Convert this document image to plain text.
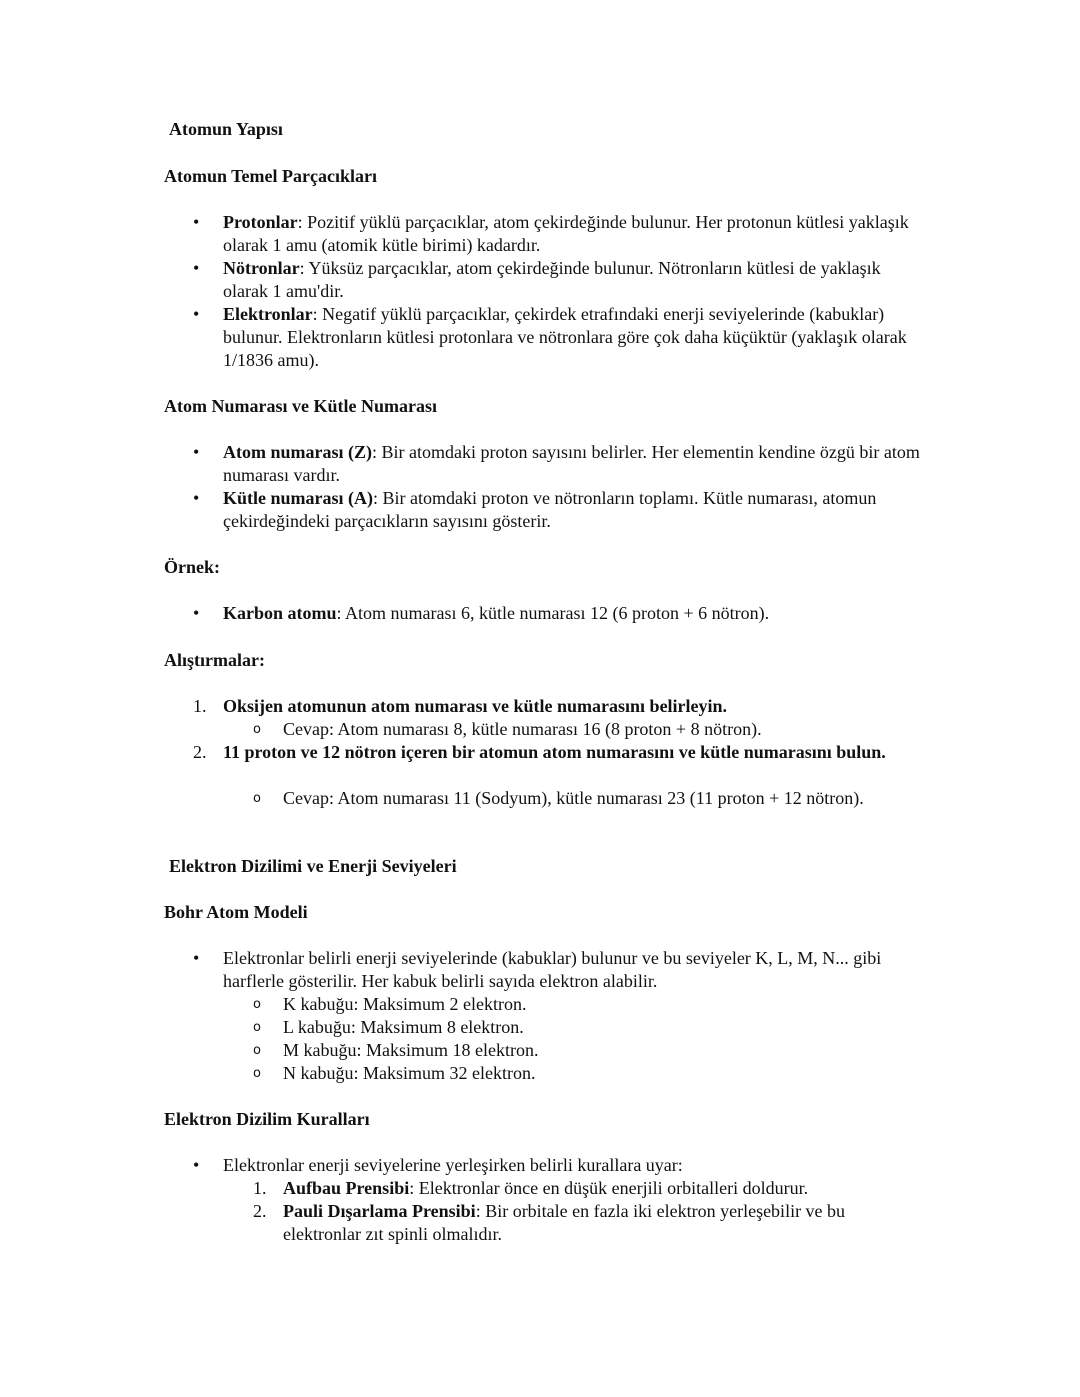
Atomun Yapısı
Atomun Temel Parçacıkları
• Protonlar: Pozitif yüklü parçacıklar, atom çekirdeğinde bulunur. Her protonun kütlesi yaklaşık olarak 1 amu (atomik kütle birimi) kadardır.

• Nötronlar: Yüksüz parçacıklar, atom çekirdeğinde bulunur. Nötronların kütlesi de yaklaşık olarak 1 amu'dir.

• Elektronlar: Negatif yüklü parçacıklar, çekirdek etrafındaki enerji seviyelerinde (kabuklar) bulunur. Elektronların kütlesi protonlara ve nötronlara göre çok daha küçüktür (yaklaşık olarak 1/1836 amu).

Atom Numarası ve Kütle Numarası
• Atom numarası (Z): Bir atomdaki proton sayısını belirler. Her elementin kendine özgü bir atom numarası vardır.

• Kütle numarası (A): Bir atomdaki proton ve nötronların toplamı. Kütle numarası, atomun çekirdeğindeki parçacıkların sayısını gösterir.

Örnek:
• Karbon atomu: Atom numarası 6, kütle numarası 12 (6 proton + 6 nötron).

Alıştırmalar:
1. Oksijen atomunun atom numarası ve kütle numarasını belirleyin.

o Cevap: Atom numarası 8, kütle numarası 16 (8 proton + 8 nötron).

2. 11 proton ve 12 nötron içeren bir atomun atom numarasını ve kütle numarasını bulun.

o Cevap: Atom numarası 11 (Sodyum), kütle numarası 23 (11 proton + 12 nötron).

Elektron Dizilimi ve Enerji Seviyeleri
Bohr Atom Modeli
• Elektronlar belirli enerji seviyelerinde (kabuklar) bulunur ve bu seviyeler K, L, M, N... gibi harflerle gösterilir. Her kabuk belirli sayıda elektron alabilir.

o K kabuğu: Maksimum 2 elektron.

o L kabuğu: Maksimum 8 elektron.

o M kabuğu: Maksimum 18 elektron.

o N kabuğu: Maksimum 32 elektron.

Elektron Dizilim Kuralları
• Elektronlar enerji seviyelerine yerleşirken belirli kurallara uyar:

1. Aufbau Prensibi: Elektronlar önce en düşük enerjili orbitalleri doldurur.

2. Pauli Dışarlama Prensibi: Bir orbitale en fazla iki elektron yerleşebilir ve bu elektronlar zıt spinli olmalıdır.
